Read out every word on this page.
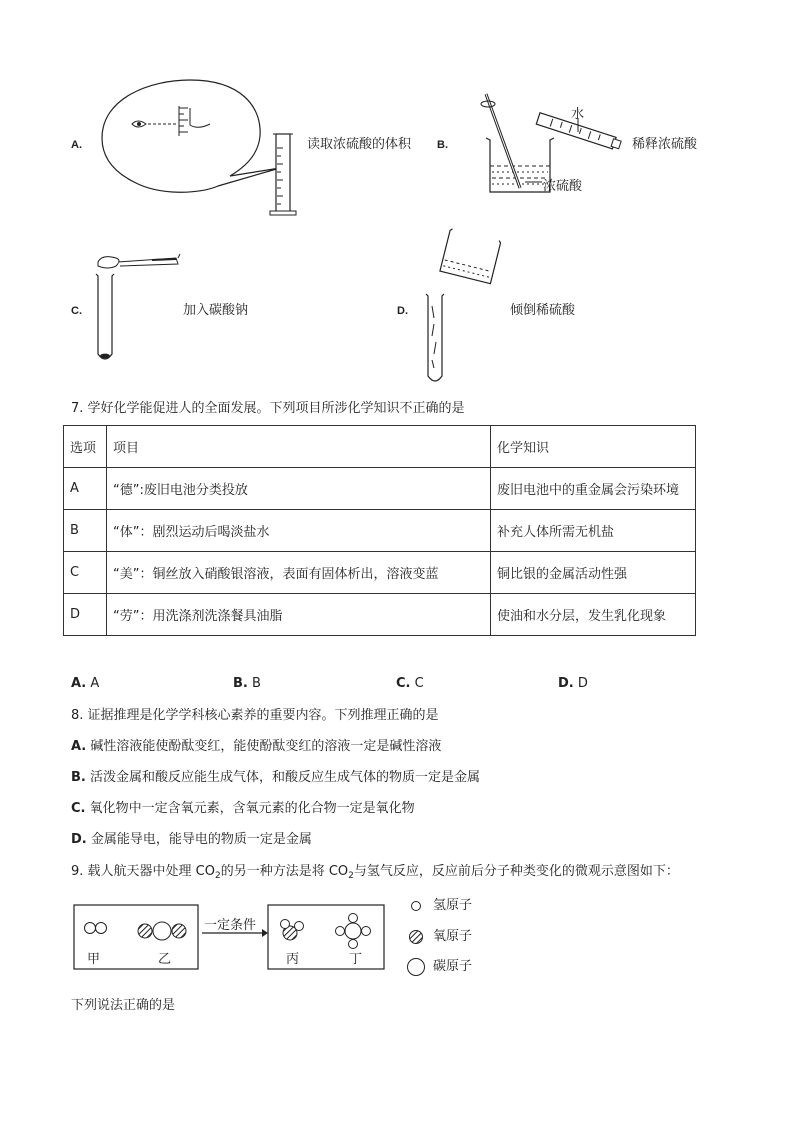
A.	读取浓硫酸的体积 B.
水
浓硫酸
稀释浓硫酸
C.	加入碳酸钠	D.	倾倒稀硫酸
7. 学好化学能促进人的全面发展。下列项目所涉化学知识不正确的是
选项	项目	化学知识
A	“德”:废旧电池分类投放	废旧电池中的重金属会污染环境
B	“体”：剧烈运动后喝淡盐水	补充人体所需无机盐
C	“美”：铜丝放入硝酸银溶液，表面有固体析出，溶液变蓝	铜比银的金属活动性强
D	“劳”：用洗涤剂洗涤餐具油脂	使油和水分层，发生乳化现象
A. A	B. B	C. C	D. D
8. 证据推理是化学学科核心素养的重要内容。下列推理正确的是
A. 碱性溶液能使酚酞变红，能使酚酞变红的溶液一定是碱性溶液
B. 活泼金属和酸反应能生成气体，和酸反应生成气体的物质一定是金属
C. 氧化物中一定含氧元素，含氧元素的化合物一定是氧化物
D. 金属能导电，能导电的物质一定是金属
9. 载人航天器中处理 $CO_2$的另一种方法是将 $CO_2$与氢气反应，反应前后分子种类变化的微观示意图如下：
一定条件
甲	乙	丙	丁
氢原子
氧原子
碳原子
下列说法正确的是
